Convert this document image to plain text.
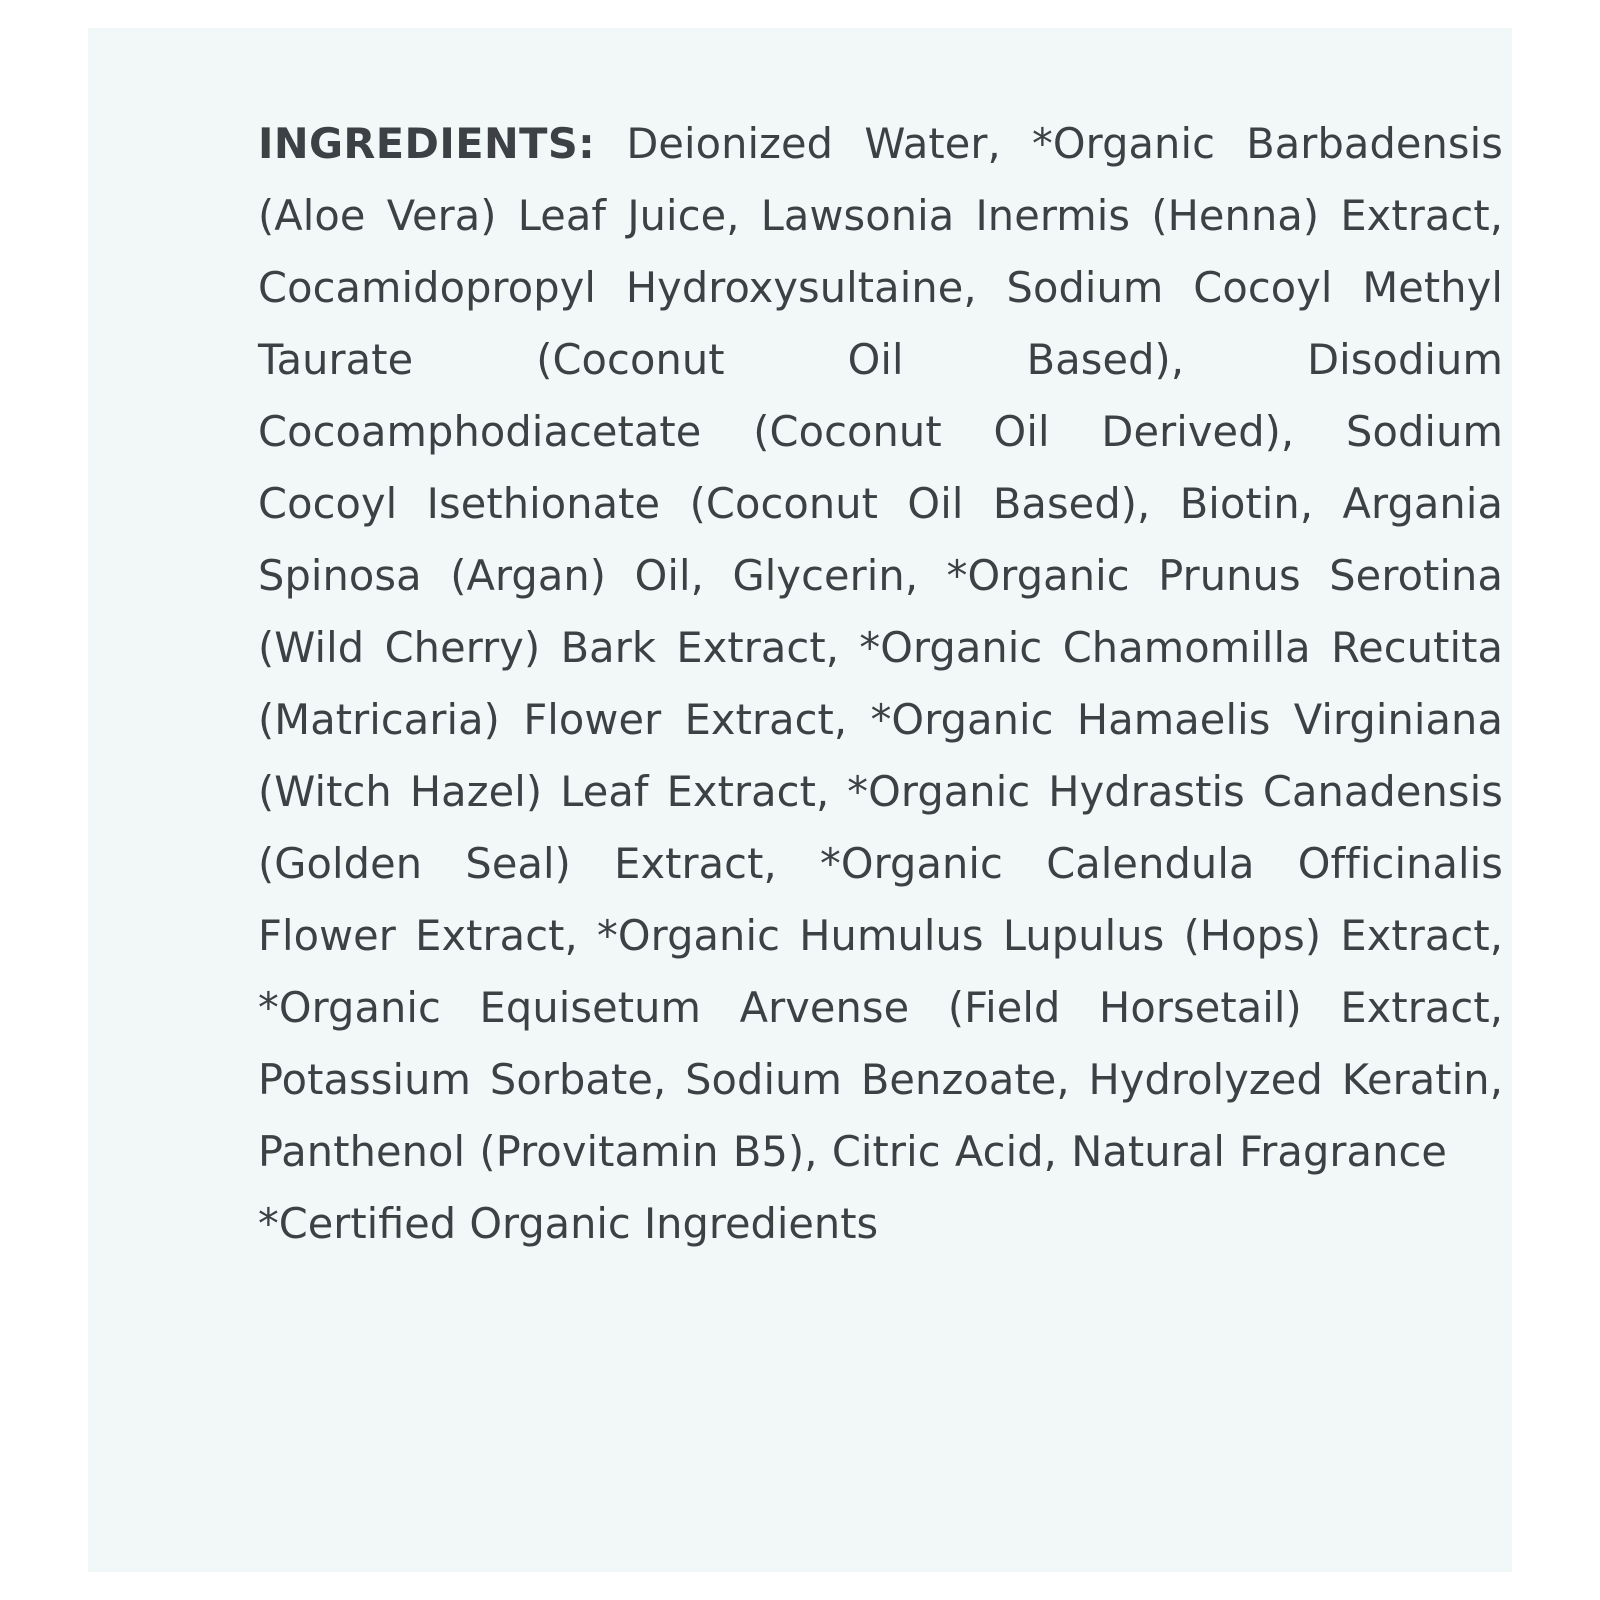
INGREDIENTS: Deionized Water, *Organic Barbadensis (Aloe Vera) Leaf Juice, Lawsonia Inermis (Henna) Extract, Cocamidopropyl Hydroxysultaine, Sodium Cocoyl Methyl Taurate (Coconut Oil Based), Disodium Cocoamphodiacetate (Coconut Oil Derived), Sodium Cocoyl Isethionate (Coconut Oil Based), Biotin, Argania Spinosa (Argan) Oil, Glycerin, *Organic Prunus Serotina (Wild Cherry) Bark Extract, *Organic Chamomilla Recutita (Matricaria) Flower Extract, *Organic Hamaelis Virginiana (Witch Hazel) Leaf Extract, *Organic Hydrastis Canadensis (Golden Seal) Extract, *Organic Calendula Officinalis Flower Extract, *Organic Humulus Lupulus (Hops) Extract, *Organic Equisetum Arvense (Field Horsetail) Extract, Potassium Sorbate, Sodium Benzoate, Hydrolyzed Keratin, Panthenol (Provitamin B5), Citric Acid, Natural Fragrance

*Certified Organic Ingredients
